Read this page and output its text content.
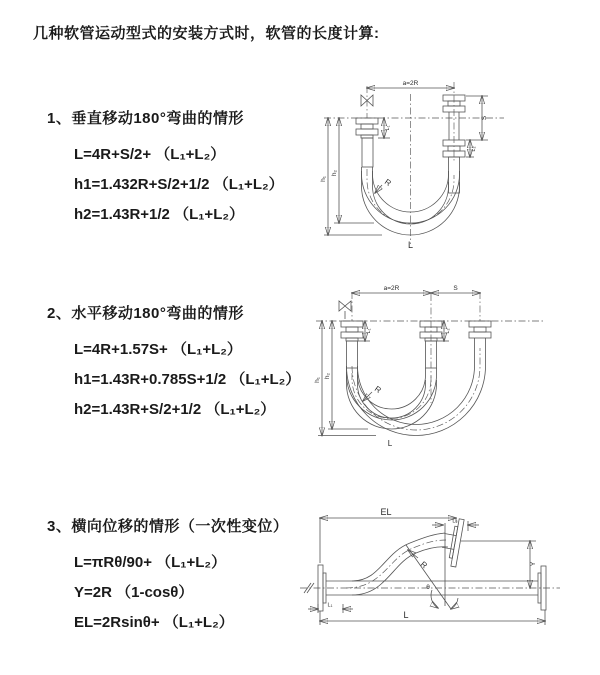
几种软管运动型式的安装方式时，软管的长度计算:
1、垂直移动180°弯曲的情形
L=4R+S/2+ （L₁+L₂）
h1=1.432R+S/2+1/2 （L₁+L₂）
h2=1.43R+1/2 （L₁+L₂）
a=2R
S
L₂
L₁
h₁
h₂
R
L
2、水平移动180°弯曲的情形
L=4R+1.57S+ （L₁+L₂）
h1=1.43R+0.785S+1/2 （L₁+L₂）
h2=1.43R+S/2+1/2 （L₁+L₂）
a=2R	S
L₁	L₂
h₁
h₂
R
L
3、横向位移的情形（一次性变位）
L=πRθ/90+ （L₁+L₂）
Y=2R （1-cosθ）
EL=2Rsinθ+ （L₁+L₂）
θ
R
EL
L₂
Y
L₁
L
